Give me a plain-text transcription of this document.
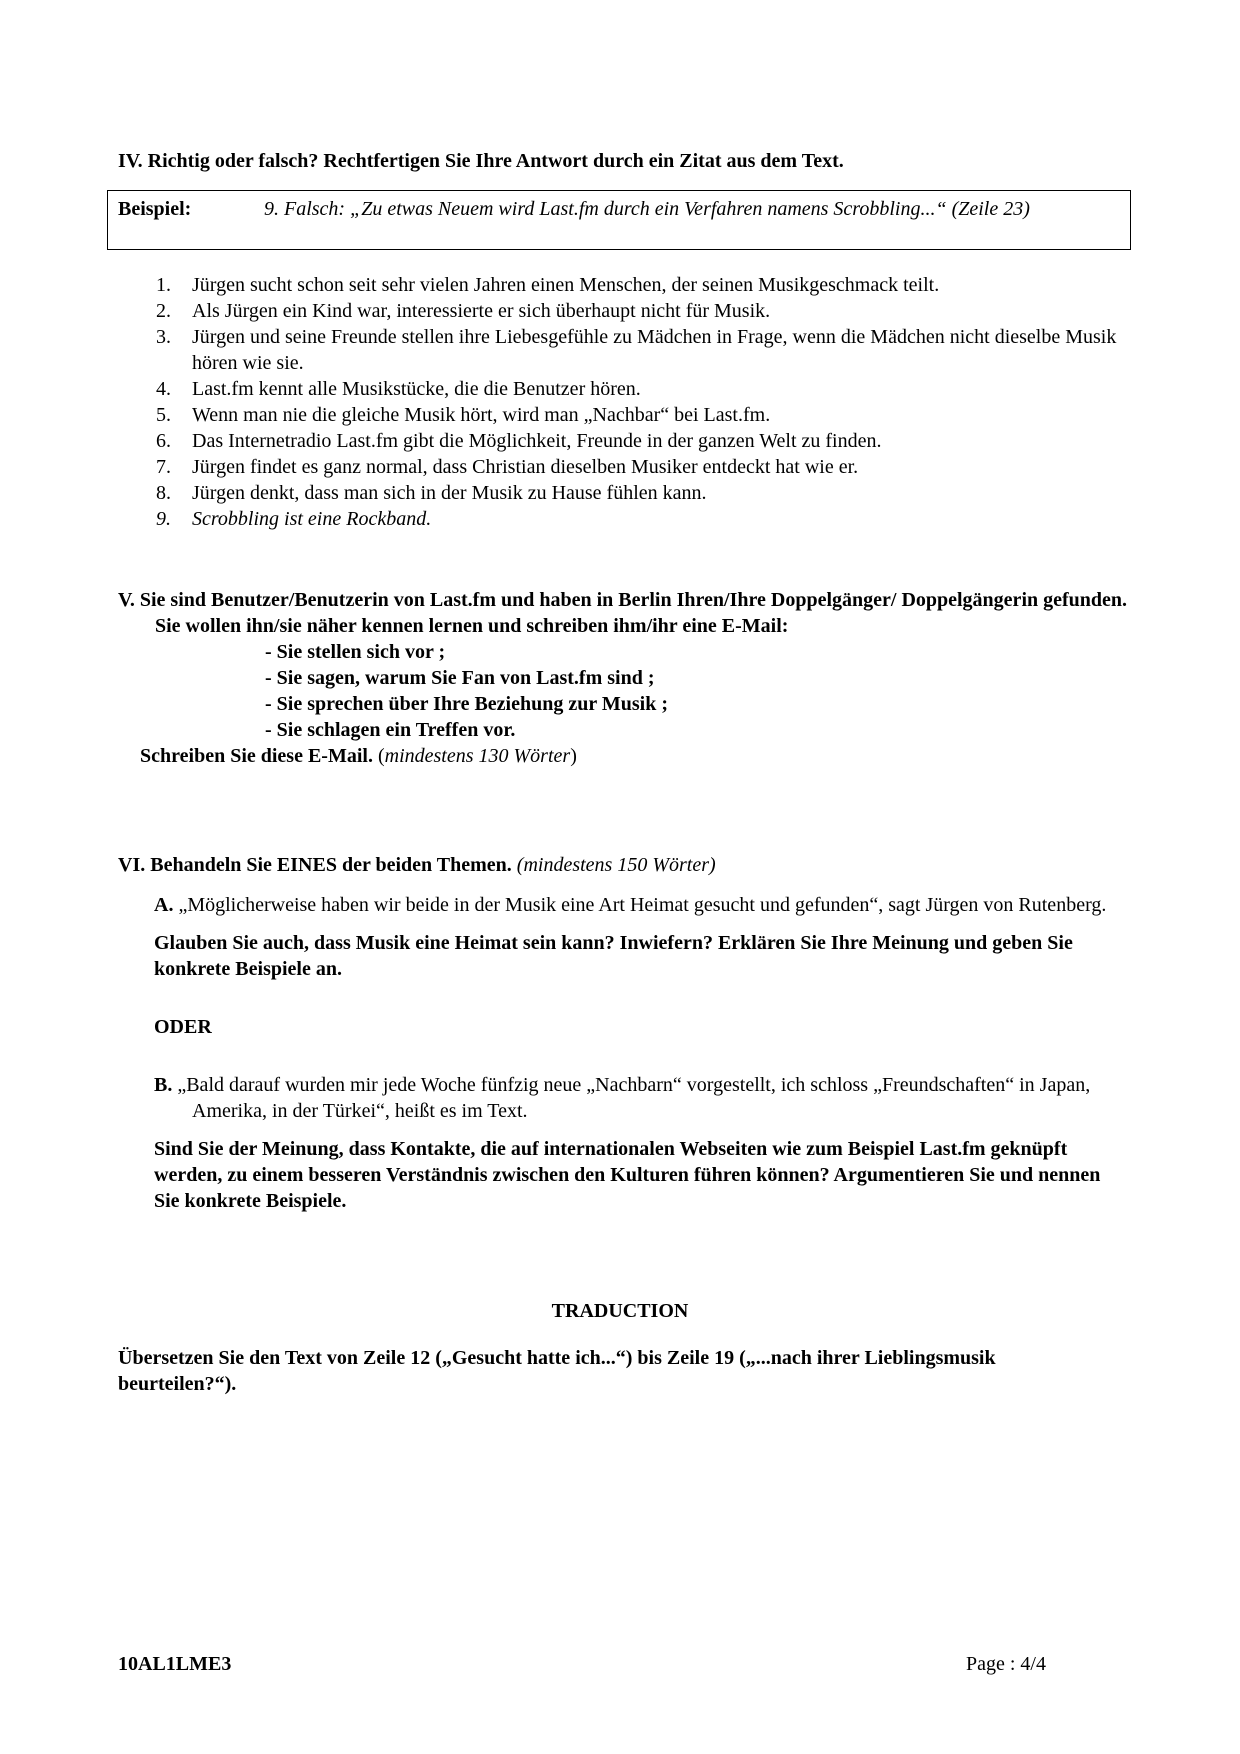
IV. Richtig oder falsch? Rechtfertigen Sie Ihre Antwort durch ein Zitat aus dem Text.
Beispiel:	9. Falsch: „Zu etwas Neuem wird Last.fm durch ein Verfahren namens Scrobbling...“ (Zeile 23)
1. Jürgen sucht schon seit sehr vielen Jahren einen Menschen, der seinen Musikgeschmack teilt.
2. Als Jürgen ein Kind war, interessierte er sich überhaupt nicht für Musik.
3. Jürgen und seine Freunde stellen ihre Liebesgefühle zu Mädchen in Frage, wenn die Mädchen nicht dieselbe Musik hören wie sie.
4. Last.fm kennt alle Musikstücke, die die Benutzer hören.
5. Wenn man nie die gleiche Musik hört, wird man „Nachbar“ bei Last.fm.
6. Das Internetradio Last.fm gibt die Möglichkeit, Freunde in der ganzen Welt zu finden.
7. Jürgen findet es ganz normal, dass Christian dieselben Musiker entdeckt hat wie er.
8. Jürgen denkt, dass man sich in der Musik zu Hause fühlen kann.
9. Scrobbling ist eine Rockband.
V. Sie sind Benutzer/Benutzerin von Last.fm und haben in Berlin Ihren/Ihre Doppelgänger/ Doppelgängerin gefunden. Sie wollen ihn/sie näher kennen lernen und schreiben ihm/ihr eine E-Mail:
- Sie stellen sich vor ;
- Sie sagen, warum Sie Fan von Last.fm sind ;
- Sie sprechen über Ihre Beziehung zur Musik ;
- Sie schlagen ein Treffen vor.
Schreiben Sie diese E-Mail. (mindestens 130 Wörter)
VI. Behandeln Sie EINES der beiden Themen. (mindestens 150 Wörter)
A. „Möglicherweise haben wir beide in der Musik eine Art Heimat gesucht und gefunden“, sagt Jürgen von Rutenberg.
Glauben Sie auch, dass Musik eine Heimat sein kann? Inwiefern? Erklären Sie Ihre Meinung und geben Sie konkrete Beispiele an.
ODER
B. „Bald darauf wurden mir jede Woche fünfzig neue „Nachbarn“ vorgestellt, ich schloss „Freundschaften“ in Japan, Amerika, in der Türkei“, heißt es im Text.
Sind Sie der Meinung, dass Kontakte, die auf internationalen Webseiten wie zum Beispiel Last.fm geknüpft werden, zu einem besseren Verständnis zwischen den Kulturen führen können? Argumentieren Sie und nennen Sie konkrete Beispiele.
TRADUCTION
Übersetzen Sie den Text von Zeile 12 („Gesucht hatte ich...“) bis Zeile 19 („...nach ihrer Lieblingsmusik beurteilen?“).
10AL1LME3	Page : 4/4
